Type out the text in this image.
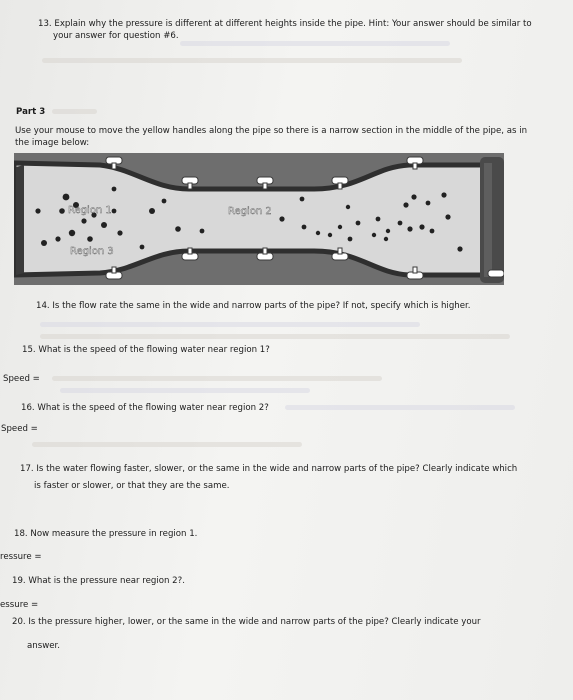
13. Explain why the pressure is different at different heights inside the pipe. Hint: Your answer should be similar to
your answer for question #6.
Part 3
Use your mouse to move the yellow handles along the pipe so there is a narrow section in the middle of the pipe, as in
the image below:
Region 1	Region 2
Region 3
14. Is the flow rate the same in the wide and narrow parts of the pipe? If not, specify which is higher.
15. What is the speed of the flowing water near region 1?
Speed =
16. What is the speed of the flowing water near region 2?
Speed =
17. Is the water flowing faster, slower, or the same in the wide and narrow parts of the pipe? Clearly indicate which
is faster or slower, or that they are the same.
18. Now measure the pressure in region 1.
ressure =
19. What is the pressure near region 2?.
essure =
20. Is the pressure higher, lower, or the same in the wide and narrow parts of the pipe? Clearly indicate your
answer.
